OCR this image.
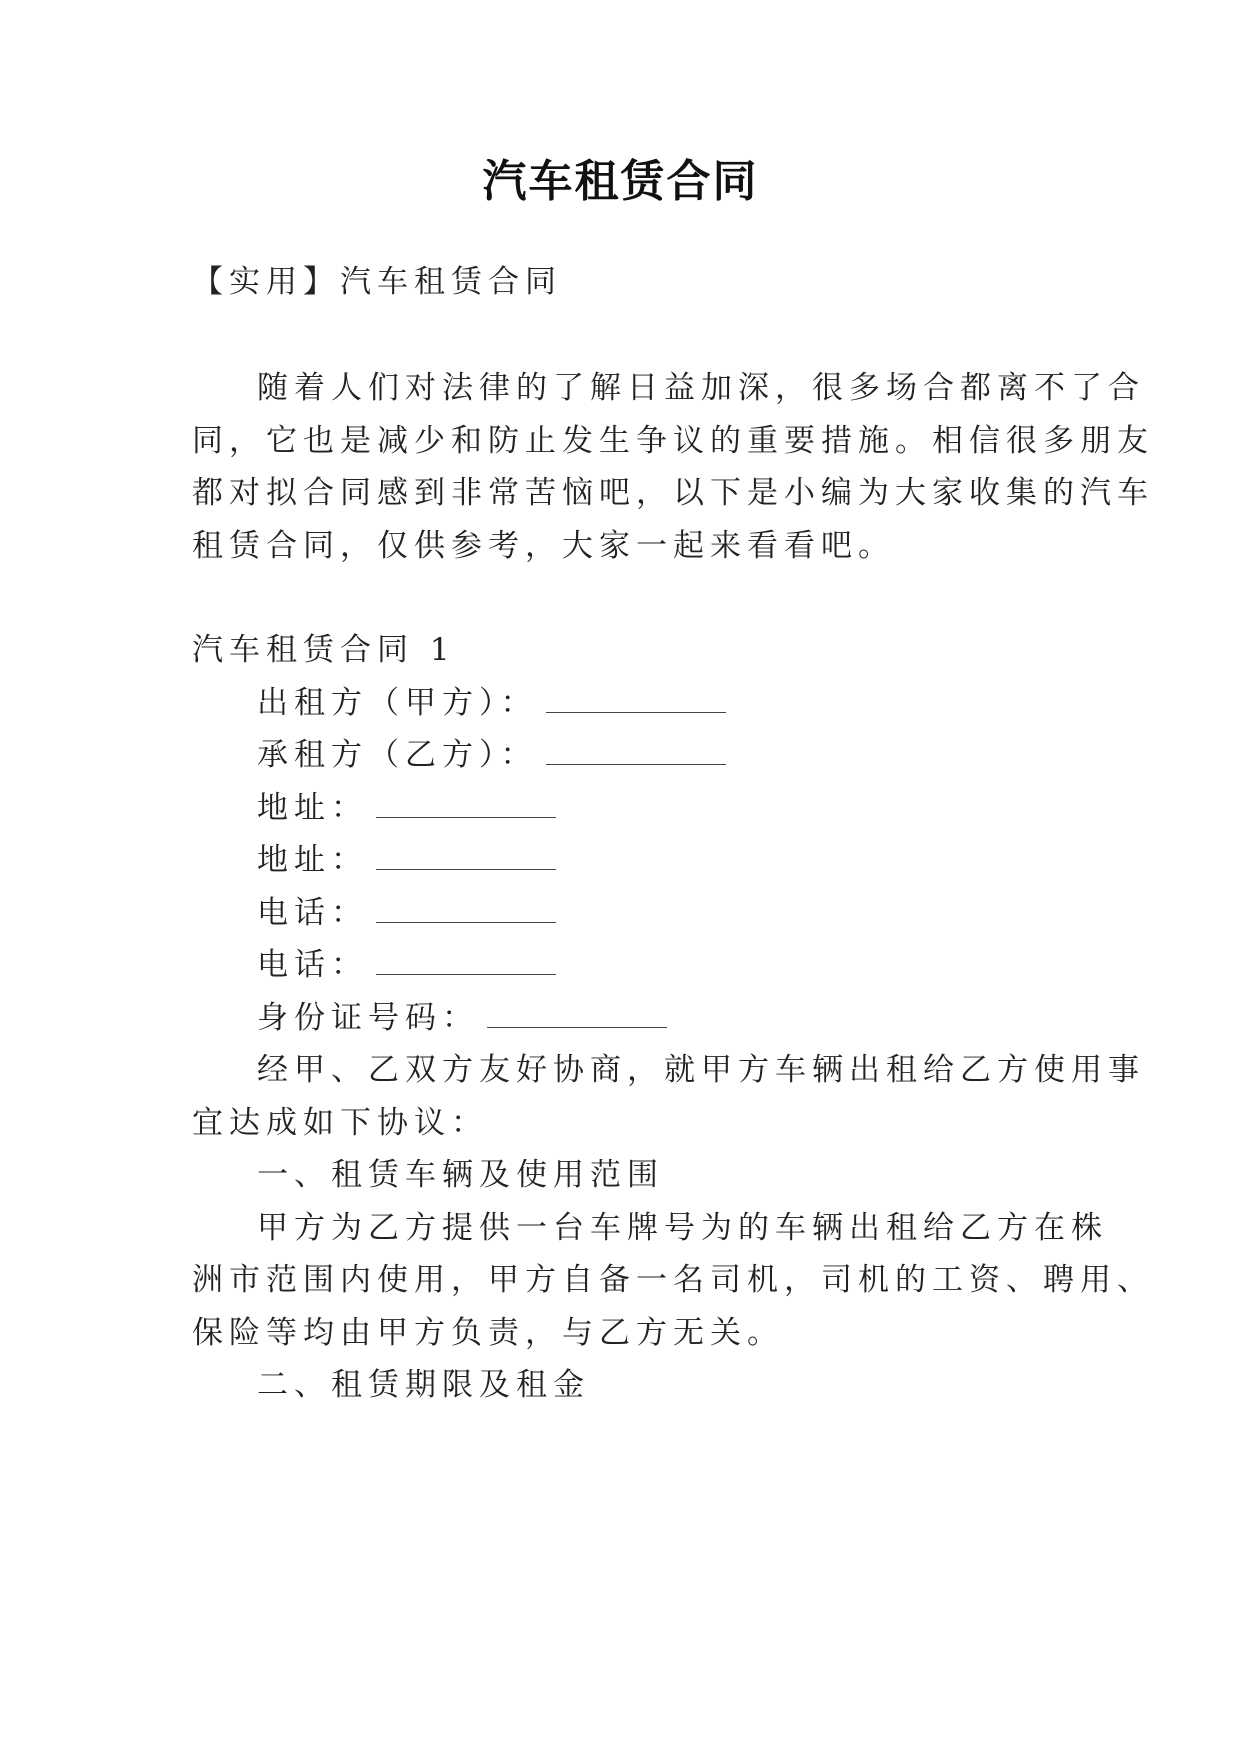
汽车租赁合同
【实用】汽车租赁合同
随着人们对法律的了解日益加深，很多场合都离不了合
同，它也是减少和防止发生争议的重要措施。相信很多朋友
都对拟合同感到非常苦恼吧，以下是小编为大家收集的汽车
租赁合同，仅供参考，大家一起来看看吧。
汽车租赁合同 1
出租方（甲方）：
承租方（乙方）：
地址：
地址：
电话：
电话：
身份证号码：
经甲、乙双方友好协商，就甲方车辆出租给乙方使用事
宜达成如下协议：
一、租赁车辆及使用范围
甲方为乙方提供一台车牌号为的车辆出租给乙方在株
洲市范围内使用，甲方自备一名司机，司机的工资、聘用、
保险等均由甲方负责，与乙方无关。
二、租赁期限及租金
